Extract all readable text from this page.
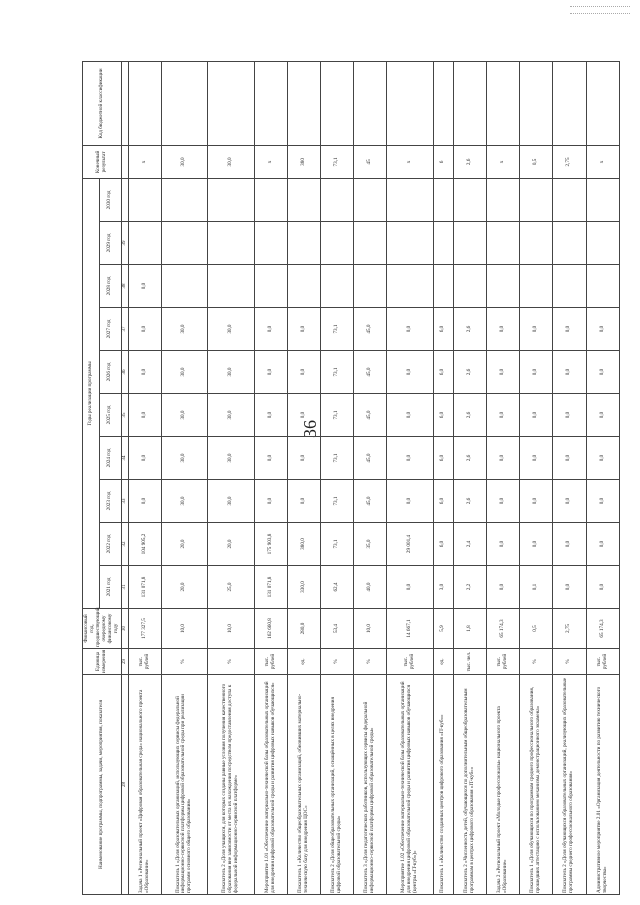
36
Наименование программы, подпрограммы, задачи, мероприятия, показателя	Единица измерения	Финансовый год, предшествующий очередному финансовому году	Годы реализации программы										Конечный результат	Код бюджетной классификации
			2021 год	2022 год	2023 год	2024 год	2025 год	2026 год	2027 год	2028 год	2029 год	2030 год		
28	29	30	31	32	33	34	35	36	37	38	39			
Задача 1 «Региональный проект «Цифровая образовательная среда» национального проекта «Образование»	тыс. рублей	177 327,5	131 071,8	104 905,2	0,0	0,0	0,0	0,0	0,0	0,0			х	
Показатель 1 «Доля образовательных организаций, использующих сервисы федеральной информационно-сервисной платформы цифровой образовательной среды при реализации программ основного общего образования»	%	10,0	20,0	20,0	30,0	30,0	30,0	30,0	30,0				30,0	
Показатель 2 «Доля учащихся, для которых созданы равные условия получения качественного образования вне зависимости от места их нахождения посредством предоставления доступа к федеральной информационно-сервисной платформе»	%	10,0	25,0	20,0	30,0	30,0	30,0	30,0	30,0				30,0	
Мероприятие 1.01 «Обеспечение материально-технической базы образовательных организаций для внедрения цифровой образовательной среды и развития цифровых навыков обучающихся»	тыс. рублей	162 660,8	131 071,8	175 903,8	0,0	0,0	0,0	0,0	0,0				х	
Показатель 1 «Количество общеобразовательных организаций, обновивших материально-техническую базу для внедрения ЦОС»	ед.	280,0	330,0	380,0	0,0	0,0	0,0	0,0	0,0				380	
Показатель 2 «Доля общеобразовательных организаций, оснащённых в целях внедрения цифровой образовательной среды»	%	53,4	62,4	73,1	73,1	73,1	73,1	73,1	73,1				73,1	
Показатель 3 «Доля педагогических работников, использующих сервисы федеральной информационно-сервисной платформы цифровой образовательной среды»	%	10,0	40,0	35,0	45,0	45,0	45,0	45,0	45,0				45	
Мероприятие 1.02 «Обеспечение материально-технической базы образовательных организаций для внедрения цифровой образовательной среды и развития цифровых навыков обучающихся (центры «IT-куб»)»	тыс. рублей	14 667,1	0,0	29 001,4	0,0	0,0	0,0	0,0	0,0				х	
Показатель 1 «Количество созданных центров цифрового образования «IT-куб»»	ед.	5,9	3,0	6,0	6,0	6,0	6,0	6,0	6,0				6	
Показатель 2 «Численность детей, обучающихся по дополнительным общеобразовательным программам в центрах цифрового образования «IT-куб»»	тыс. чел.	1,8	2,2	2,4	2,6	2,6	2,6	2,6	2,6				2,6	
Задача 2 «Региональный проект «Молодые профессионалы» национального проекта «Образование»	тыс. рублей	65 174,3	0,0	0,0	0,0	0,0	0,0	0,0	0,0				х	
Показатель 1 «Доля обучающихся по программам среднего профессионального образования, прошедших аттестацию с использованием механизма демонстрационного экзамена»	%	0,5	0,1	0,0	0,0	0,0	0,0	0,0	0,0				0,5	
Показатель 2 «Доля обучающихся образовательных организаций, реализующих образовательные программы среднего профессионального образования»	%	2,75	0,0	0,0	0,0	0,0	0,0	0,0	0,0				2,75	
Административное мероприятие 2.01 «Организация деятельности по развитию технического творчества»	тыс. рублей	65 174,3	0,0	0,0	0,0	0,0	0,0	0,0	0,0				х	
